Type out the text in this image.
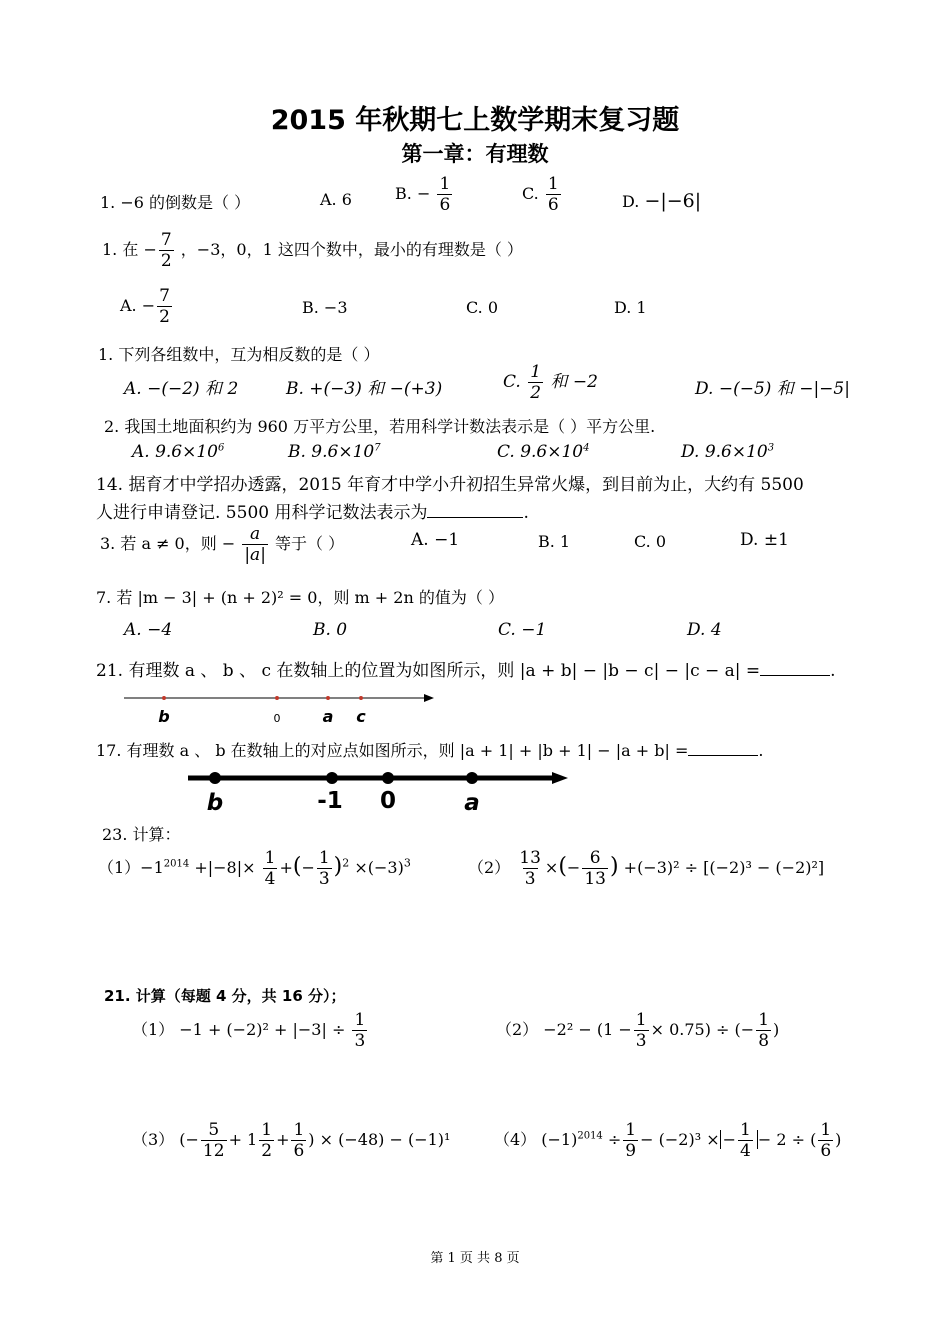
2015 年秋期七上数学期末复习题
第一章：有理数
1. −6 的倒数是（ ）	A. 6	B. − $\frac{1}{6}$	C. $\frac{1}{6}$	D. −|−6|
1. 在 − $\frac{7}{2}$ ，−3，0，1 这四个数中，最小的有理数是（ ）
A. − $\frac{7}{2}$	B. −3	C. 0	D. 1
1. 下列各组数中，互为相反数的是（ ）
A. −(−2) 和 2	B. +(−3) 和 −(+3)	C. $\frac{1}{2}$ 和 −2	D. −(−5) 和 −|−5|
2. 我国土地面积约为 960 万平方公里，若用科学计数法表示是（ ）平方公里.
A. $9.6\times 10^6$	B. $9.6\times 10^7$	C. $9.6\times 10^4$	D. $9.6\times 10^3$
14. 据育才中学招办透露，2015 年育才中学小升初招生异常火爆，到目前为止，大约有 5500
人进行申请登记. 5500 用科学记数法表示为	.
3. 若 a ≠ 0，则 − $\frac{a}{|a|}$ 等于（ ）	A. −1	B. 1	C. 0	D. ±1
7. 若 |m − 3| + (n + 2)² = 0，则 m + 2n 的值为（ ）
A. −4	B. 0	C. −1	D. 4
21. 有理数 a 、 b 、 c 在数轴上的位置为如图所示，则 |a + b| − |b − c| − |c − a| =	.
b	0	a c
17. 有理数 a 、 b 在数轴上的对应点如图所示，则 |a + 1| + |b + 1| − |a + b| =	.
b	-1 0	a
23. 计算：
$(1)-1^{2014} +|-8|\times \frac{1}{4}$ +(− $\frac{1}{3} )^2 \times(-3)^3$	$(2) \frac{13}{3}$ ×(− $\frac{6}{13}$ ) +(−3)² ÷ [(−2)³ − (−2)²]
21. 计算（每题 4 分，共 16 分）；
$(1) -1 + (-2)^2 + |-3| \div \frac{1}{3}$	$(2) -2^2 - (1 - \frac{1}{3} \times 0.75)$ ÷ (− $\frac{1}{8}$ )
（3） (− $\frac{5}{12} + 1 \frac{1}{2} + \frac{1}{6}$ ) × (−48) − (−1)¹	（4） $(-1)^{2014} \div \frac{1}{9} - (-2)^3$ × − $\frac{1}{4} - 2$ ÷ ( $\frac{1}{6}$ )
第 1 页 共 8 页
